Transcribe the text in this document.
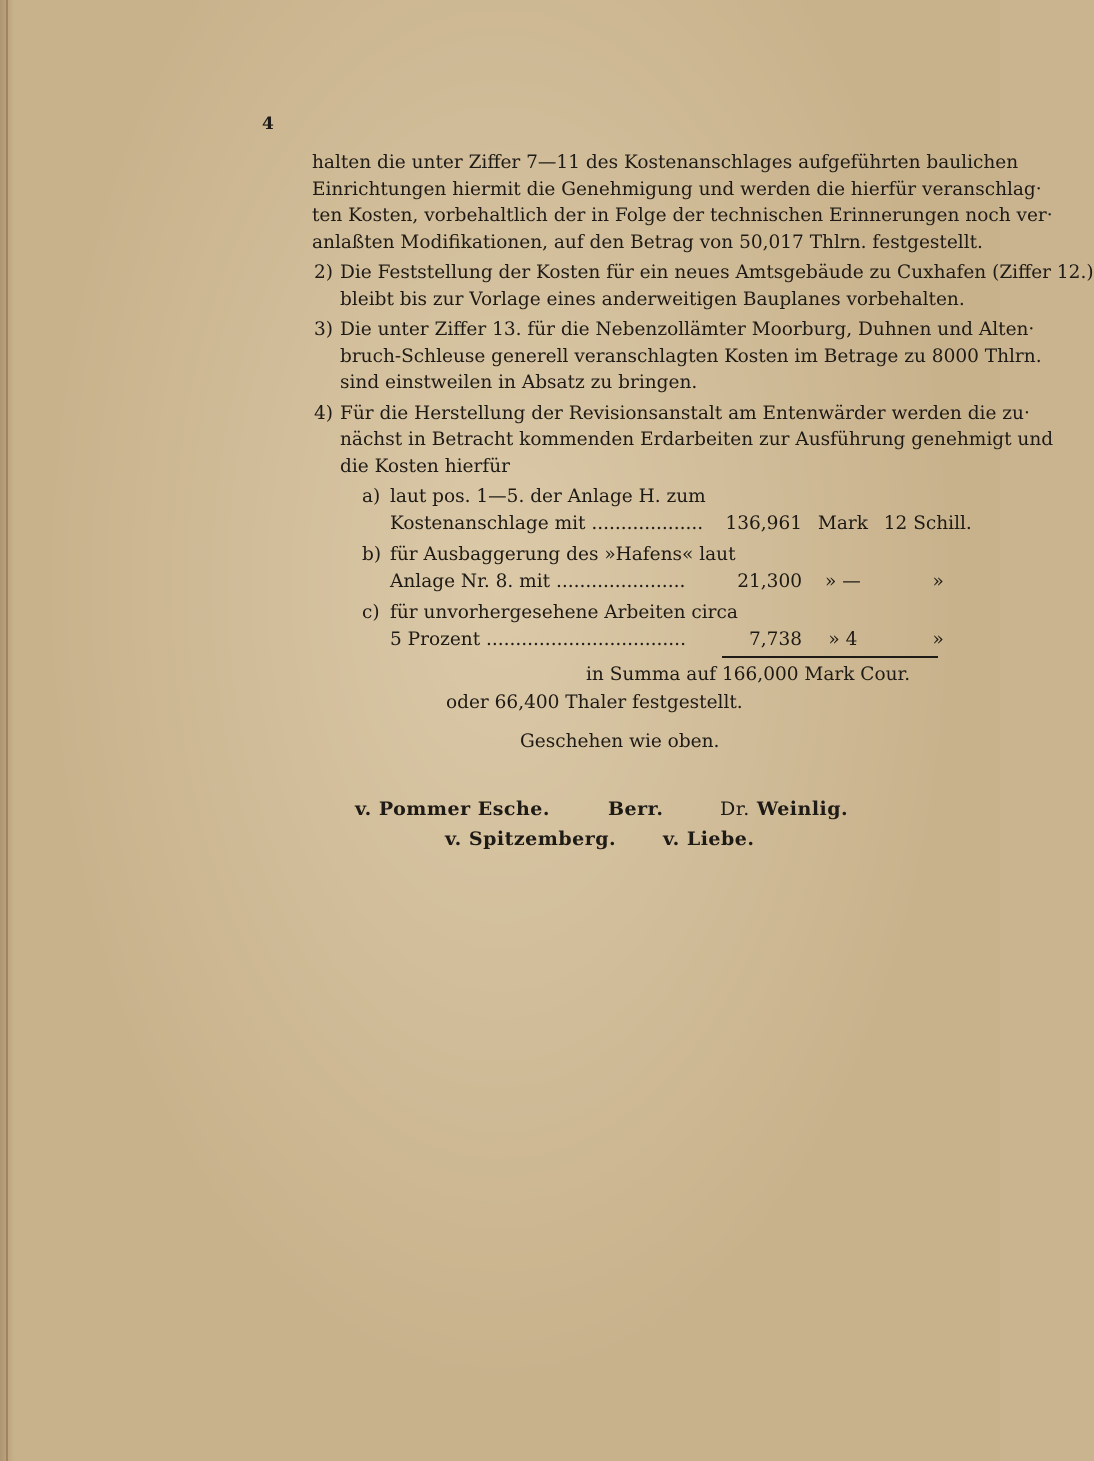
4

halten die unter Ziffer 7—11 des Kostenanschlages aufgeführten baulichen
Einrichtungen hiermit die Genehmigung und werden die hierfür veranschlag·
ten Kosten, vorbehaltlich der in Folge der technischen Erinnerungen noch ver·
anlaßten Modifikationen, auf den Betrag von 50,017 Thlrn. festgestellt.
2) Die Feststellung der Kosten für ein neues Amtsgebäude zu Cuxhafen (Ziffer 12.)
bleibt bis zur Vorlage eines anderweitigen Bauplanes vorbehalten.
3) Die unter Ziffer 13. für die Nebenzollämter Moorburg, Duhnen und Alten·
bruch-Schleuse generell veranschlagten Kosten im Betrage zu 8000 Thlrn.
sind einstweilen in Absatz zu bringen.
4) Für die Herstellung der Revisionsanstalt am Entenwärder werden die zu·
nächst in Betracht kommenden Erdarbeiten zur Ausführung genehmigt und
die Kosten hierfür
a) laut pos. 1—5. der Anlage H. zum
Kostenanschlage mit ...................	136,961 Mark 12 Schill.
b) für Ausbaggerung des »Hafens« laut
Anlage Nr. 8. mit ......................	21,300 » —	»
c) für unvorhergesehene Arbeiten circa
5 Prozent ..................................	7,738 » 4	»
in Summa auf 166,000 Mark Cour.

oder 66,400 Thaler festgestellt.

Geschehen wie oben.

v. Pommer Esche.	Berr.	Dr. Weinlig.
v. Spitzemberg. v. Liebe.
